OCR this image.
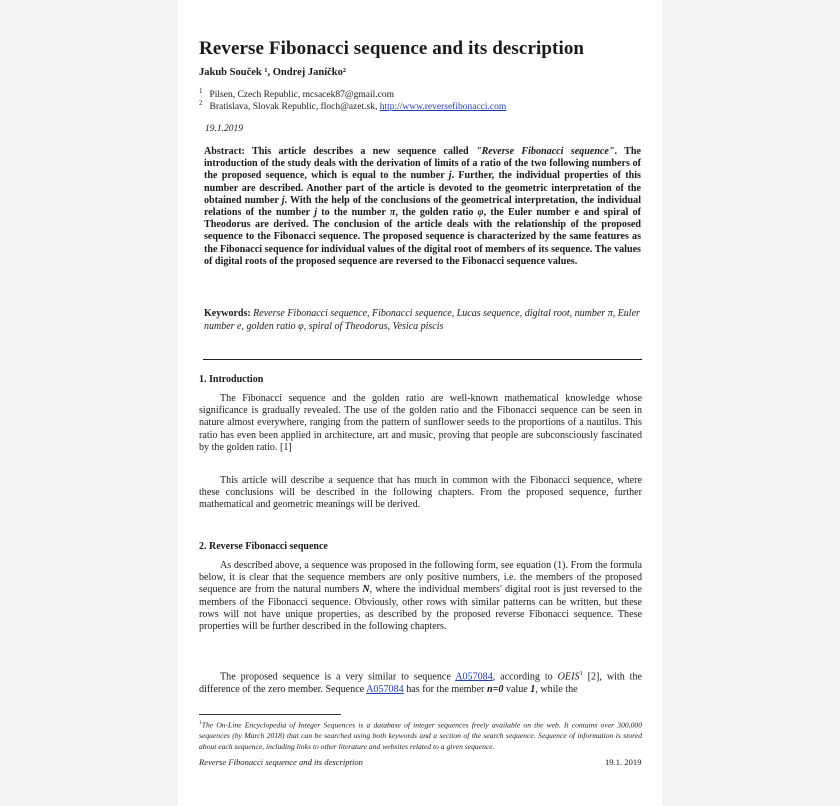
Reverse Fibonacci sequence and its description
Jakub Souček ¹, Ondrej Janíčko²
$^1$ Pilsen, Czech Republic, mcsacek87@gmail.com
$^2$ Bratislava, Slovak Republic, floch@azet.sk, http://www.reversefibonacci.com
19.1.2019

Abstract: This article describes a new sequence called "Reverse Fibonacci sequence". The introduction of the study deals with the derivation of limits of a ratio of the two following numbers of the proposed sequence, which is equal to the number j. Further, the individual properties of this number are described. Another part of the article is devoted to the geometric interpretation of the obtained number j. With the help of the conclusions of the geometrical interpretation, the individual relations of the number j to the number π, the golden ratio φ, the Euler number e and spiral of Theodorus are derived. The conclusion of the article deals with the relationship of the proposed sequence to the Fibonacci sequence. The proposed sequence is characterized by the same features as the Fibonacci sequence for individual values of the digital root of members of its sequence. The values of digital roots of the proposed sequence are reversed to the Fibonacci sequence values.

Keywords: Reverse Fibonacci sequence, Fibonacci sequence, Lucas sequence, digital root, number π, Euler number e, golden ratio φ, spiral of Theodorus, Vesica piscis

1. Introduction

The Fibonacci sequence and the golden ratio are well-known mathematical knowledge whose significance is gradually revealed. The use of the golden ratio and the Fibonacci sequence can be seen in nature almost everywhere, ranging from the pattern of sunflower seeds to the proportions of a nautilus. This ratio has even been applied in architecture, art and music, proving that people are subconsciously fascinated by the golden ratio. [1]

This article will describe a sequence that has much in common with the Fibonacci sequence, where these conclusions will be described in the following chapters. From the proposed sequence, further mathematical and geometric meanings will be derived.

2. Reverse Fibonacci sequence

As described above, a sequence was proposed in the following form, see equation (1). From the formula below, it is clear that the sequence members are only positive numbers, i.e. the members of the proposed sequence are from the natural numbers N, where the individual members' digital root is just reversed to the members of the Fibonacci sequence. Obviously, other rows with similar patterns can be written, but these rows will not have unique properties, as described by the proposed reverse Fibonacci sequence. These properties will be further described in the following chapters.

The proposed sequence is a very similar to sequence A057084, according to OEIS$^1$ [2], with the difference of the zero member. Sequence A057084 has for the member n=0 value 1, while the

$^1$The On-Line Encyclopedia of Integer Sequences is a database of integer sequences freely available on the web. It contains over 300,000 sequences (by March 2018) that can be searched using both keywords and a section of the search sequence. Sequence of information is stored about each sequence, including links to other literature and websites related to a given sequence.

Reverse Fibonacci sequence and its description	19.1. 2019
